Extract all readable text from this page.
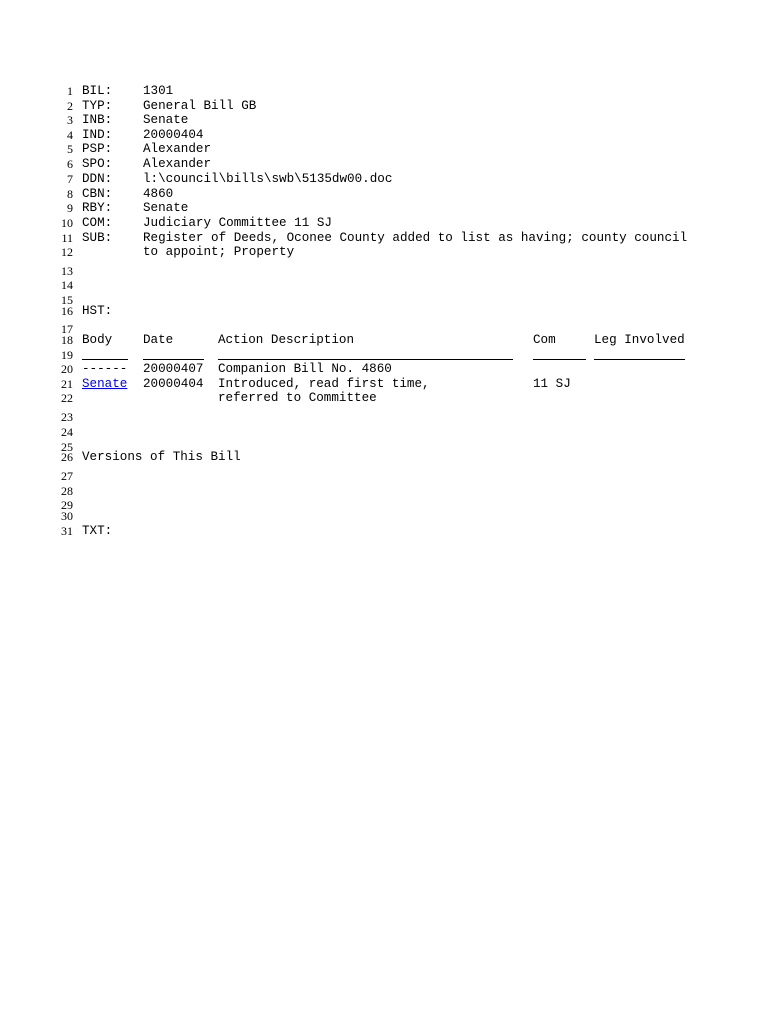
1
2
3
4
5
6
7
8
9
10
11
12
13
14
15
16
17
18
19
20
21
22
23
24
25
26
27
28
29
30
31
BIL: 1301
TYP: General Bill GB
INB: Senate
IND: 20000404
PSP: Alexander
SPO: Alexander
DDN: l:\council\bills\swb\5135dw00.doc
CBN: 4860
RBY: Senate
COM: Judiciary Committee 11 SJ
SUB: Register of Deeds, Oconee County added to list as having; county council
to appoint; Property
HST:
Body Date	Action Description	Com	Leg Involved
------ 20000407 Companion Bill No. 4860
Senate 20000404 Introduced, read first time,	11 SJ
referred to Committee
Versions of This Bill
TXT:
